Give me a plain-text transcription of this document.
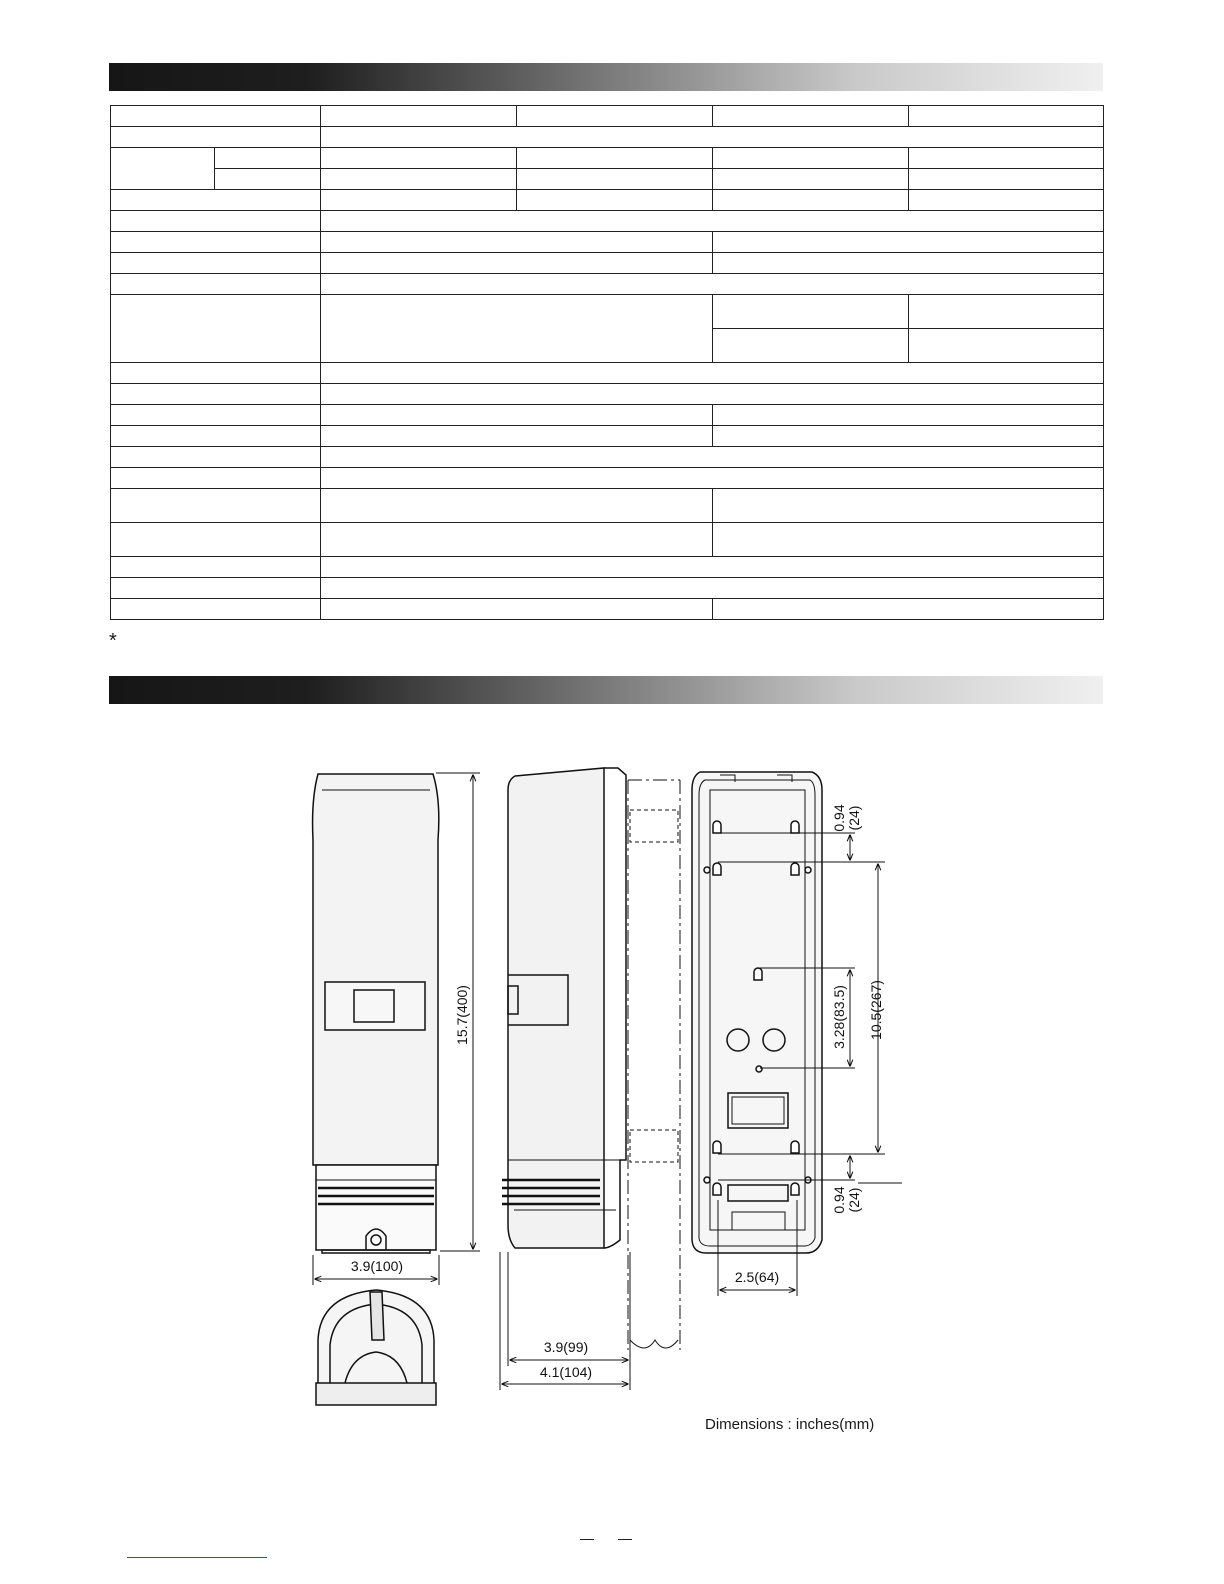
*
15.7(400)
3.9(100)
3.9(99)
4.1(104)
0.94(24)
10.5(267)
3.28(83.5)
0.94(24)
2.5(64)
Dimensions : inches(mm)
